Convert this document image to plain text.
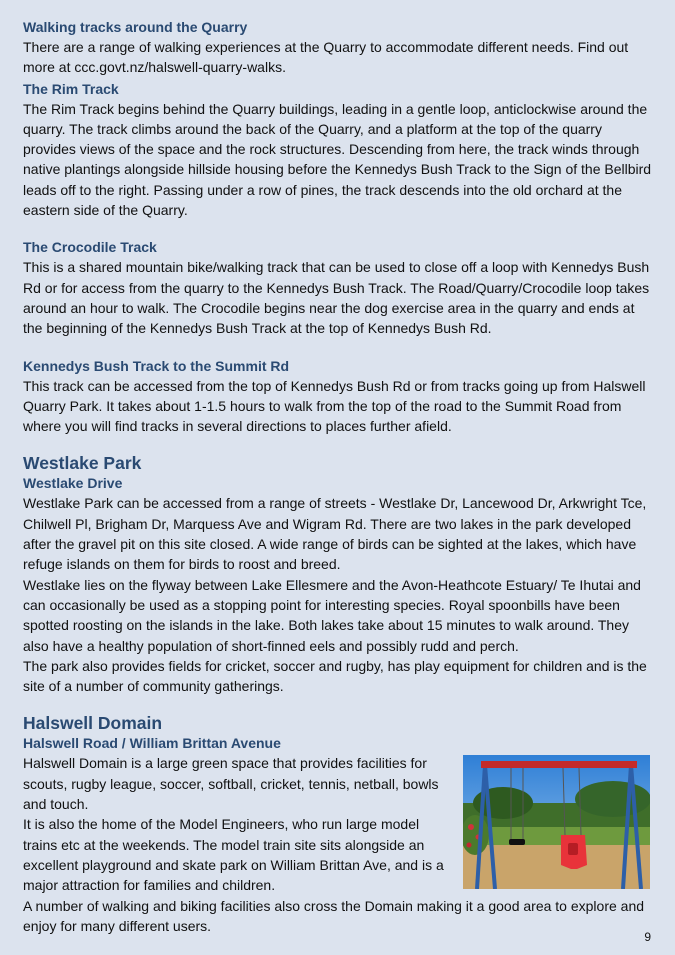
Walking tracks around the Quarry

There are a range of walking experiences at the Quarry to accommodate different needs. Find out more at ccc.govt.nz/halswell-quarry-walks.

The Rim Track

The Rim Track begins behind the Quarry buildings, leading in a gentle loop, anticlockwise around the quarry. The track climbs around the back of the Quarry, and a platform at the top of the quarry provides views of the space and the rock structures. Descending from here, the track winds through native plantings alongside hillside housing before the Kennedys Bush Track to the Sign of the Bellbird leads off to the right. Passing under a row of pines, the track descends into the old orchard at the eastern side of the Quarry.

The Crocodile Track

This is a shared mountain bike/walking track that can be used to close off a loop with Kennedys Bush Rd or for access from the quarry to the Kennedys Bush Track. The Road/Quarry/Crocodile loop takes around an hour to walk. The Crocodile begins near the dog exercise area in the quarry and ends at the beginning of the Kennedys Bush Track at the top of Kennedys Bush Rd.

Kennedys Bush Track to the Summit Rd

This track can be accessed from the top of Kennedys Bush Rd or from tracks going up from Halswell Quarry Park. It takes about 1-1.5 hours to walk from the top of the road to the Summit Road from where you will find tracks in several directions to places further afield.

Westlake Park
Westlake Drive

Westlake Park can be accessed from a range of streets - Westlake Dr, Lancewood Dr, Arkwright Tce, Chilwell Pl, Brigham Dr, Marquess Ave and Wigram Rd. There are two lakes in the park developed after the gravel pit on this site closed. A wide range of birds can be sighted at the lakes, which have refuge islands on them for birds to roost and breed.

Westlake lies on the flyway between Lake Ellesmere and the Avon-Heathcote Estuary/ Te Ihutai and can occasionally be used as a stopping point for interesting species. Royal spoonbills have been spotted roosting on the islands in the lake. Both lakes take about 15 minutes to walk around. They also have a healthy population of short-finned eels and possibly rudd and perch.

The park also provides fields for cricket, soccer and rugby, has play equipment for children and is the site of a number of community gatherings.

Halswell Domain
Halswell Road / William Brittan Avenue

Halswell Domain is a large green space that provides facilities for scouts, rugby league, soccer, softball, cricket, tennis, netball, bowls and touch.

It is also the home of the Model Engineers, who run large model trains etc at the weekends. The model train site sits alongside an excellent playground and skate park on William Brittan Ave, and is a major attraction for families and children.

A number of walking and biking facilities also cross the Domain making it a good area to explore and enjoy for many different users.

9
